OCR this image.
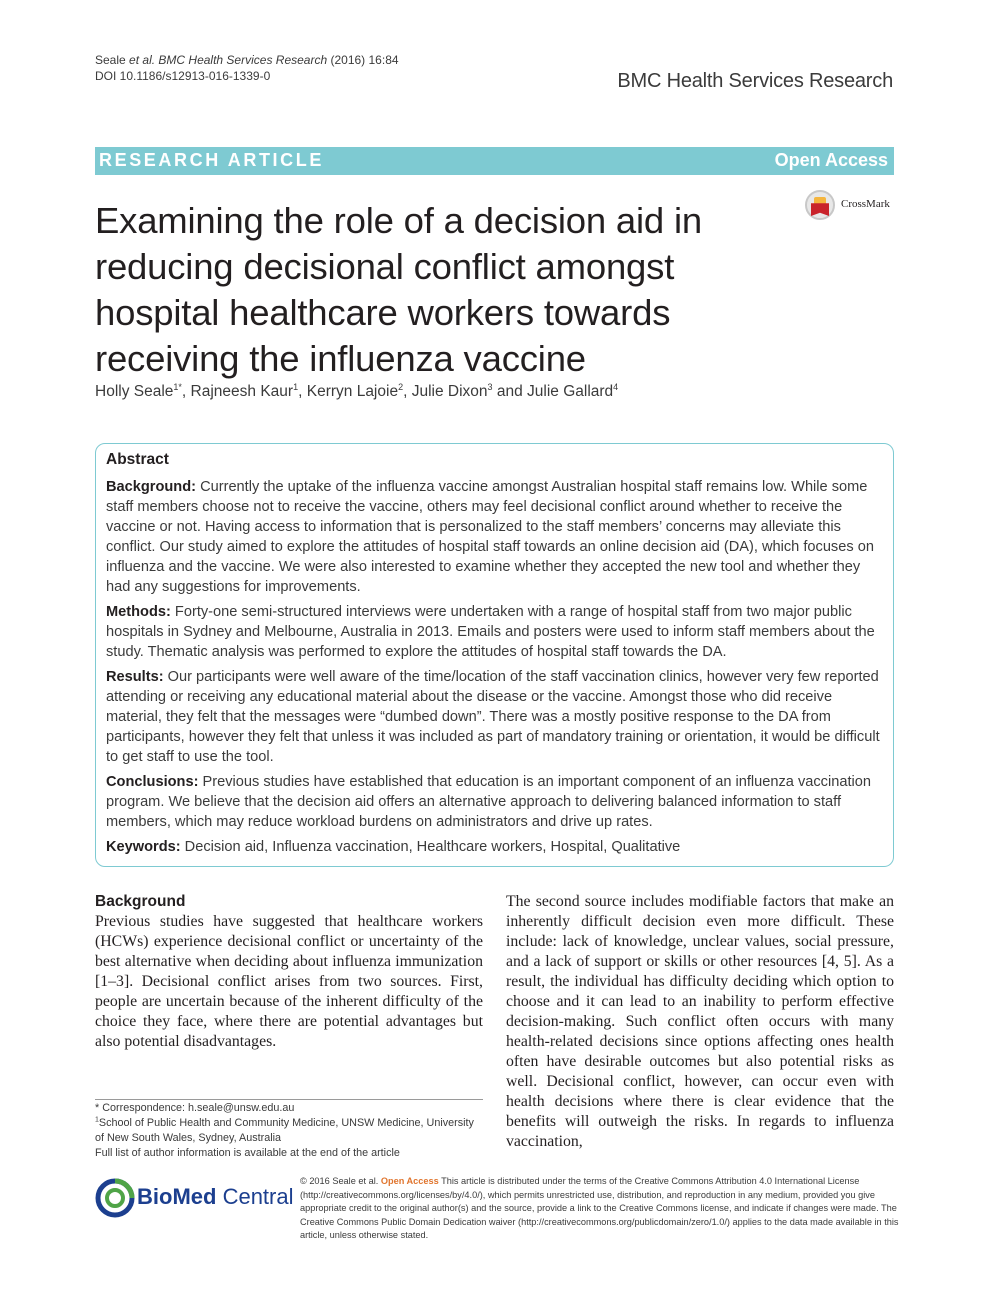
Seale et al. BMC Health Services Research (2016) 16:84
DOI 10.1186/s12913-016-1339-0	BMC Health Services Research
RESEARCH ARTICLE	Open Access
CrossMark
Examining the role of a decision aid in reducing decisional conflict amongst hospital healthcare workers towards receiving the influenza vaccine
Holly Seale$^{1*}$, Rajneesh Kaur$^1$, Kerryn Lajoie$^2$, Julie Dixon$^3$ and Julie Gallard$^4$
Abstract

Background: Currently the uptake of the influenza vaccine amongst Australian hospital staff remains low. While some staff members choose not to receive the vaccine, others may feel decisional conflict around whether to receive the vaccine or not. Having access to information that is personalized to the staff members’ concerns may alleviate this conflict. Our study aimed to explore the attitudes of hospital staff towards an online decision aid (DA), which focuses on influenza and the vaccine. We were also interested to examine whether they accepted the new tool and whether they had any suggestions for improvements.

Methods: Forty-one semi-structured interviews were undertaken with a range of hospital staff from two major public hospitals in Sydney and Melbourne, Australia in 2013. Emails and posters were used to inform staff members about the study. Thematic analysis was performed to explore the attitudes of hospital staff towards the DA.

Results: Our participants were well aware of the time/location of the staff vaccination clinics, however very few reported attending or receiving any educational material about the disease or the vaccine. Amongst those who did receive material, they felt that the messages were “dumbed down”. There was a mostly positive response to the DA from participants, however they felt that unless it was included as part of mandatory training or orientation, it would be difficult to get staff to use the tool.

Conclusions: Previous studies have established that education is an important component of an influenza vaccination program. We believe that the decision aid offers an alternative approach to delivering balanced information to staff members, which may reduce workload burdens on administrators and drive up rates.

Keywords: Decision aid, Influenza vaccination, Healthcare workers, Hospital, Qualitative

Background

Previous studies have suggested that healthcare workers (HCWs) experience decisional conflict or uncertainty of the best alternative when deciding about influenza immunization [1–3]. Decisional conflict arises from two sources. First, people are uncertain because of the inherent difficulty of the choice they face, where there are potential advantages but also potential disadvantages.

The second source includes modifiable factors that make an inherently difficult decision even more difficult. These include: lack of knowledge, unclear values, social pressure, and a lack of support or skills or other resources [4, 5]. As a result, the individual has difficulty deciding which option to choose and it can lead to an inability to perform effective decision-making. Such conflict often occurs with many health-related decisions since options affecting ones health often have desirable outcomes but also potential risks as well. Decisional conflict, however, can occur even with health decisions where there is clear evidence that the benefits will outweigh the risks. In regards to influenza vaccination,

* Correspondence: h.seale@unsw.edu.au
$^1$School of Public Health and Community Medicine, UNSW Medicine, University of New South Wales, Sydney, Australia
Full list of author information is available at the end of the article
BioMed Central
© 2016 Seale et al. Open Access This article is distributed under the terms of the Creative Commons Attribution 4.0 International License (http://creativecommons.org/licenses/by/4.0/), which permits unrestricted use, distribution, and reproduction in any medium, provided you give appropriate credit to the original author(s) and the source, provide a link to the Creative Commons license, and indicate if changes were made. The Creative Commons Public Domain Dedication waiver (http://creativecommons.org/publicdomain/zero/1.0/) applies to the data made available in this article, unless otherwise stated.
